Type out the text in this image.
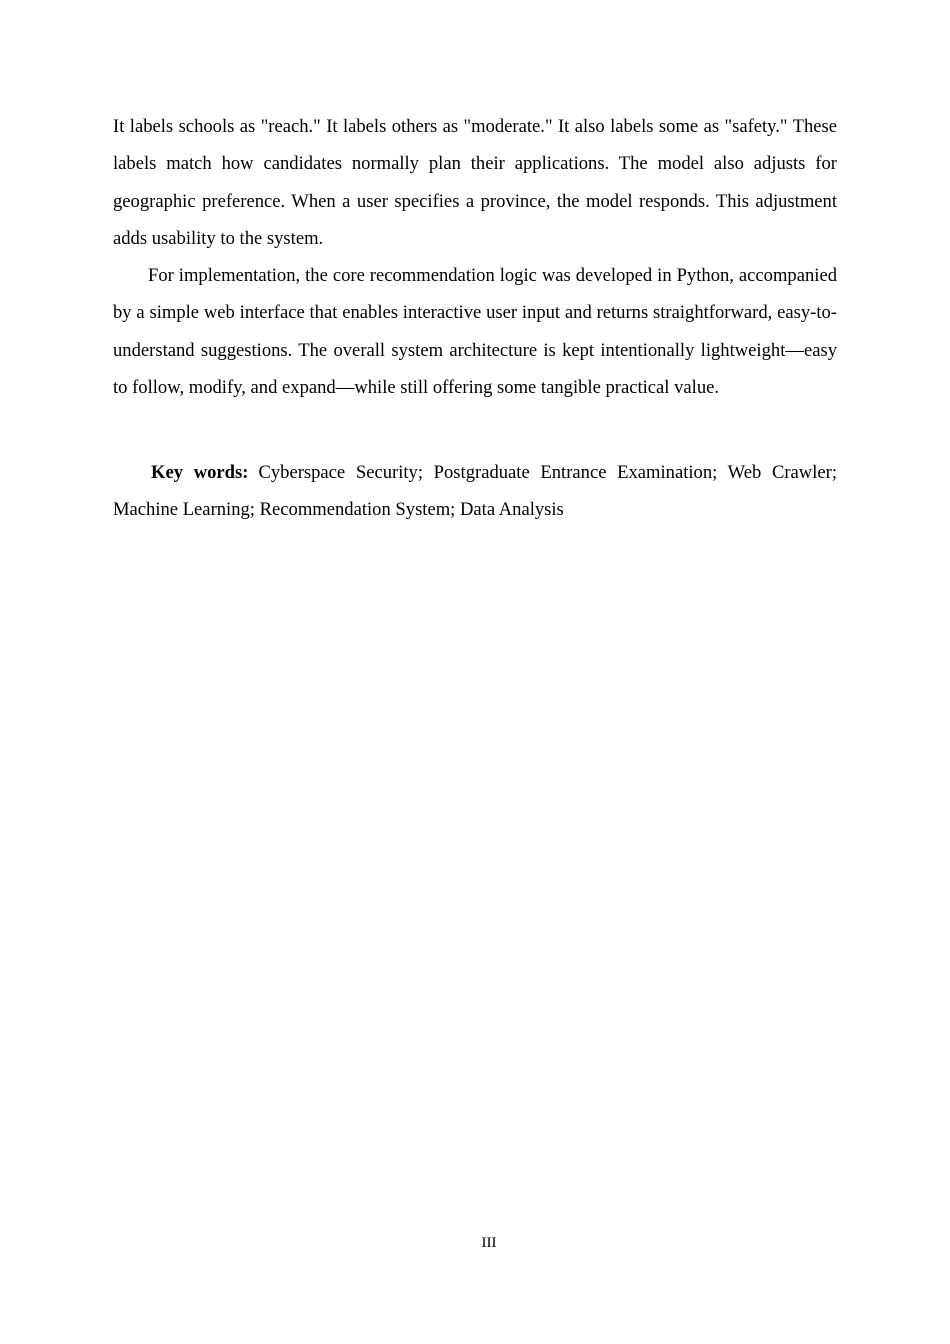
It labels schools as "reach." It labels others as "moderate." It also labels some as "safety." These labels match how candidates normally plan their applications. The model also adjusts for geographic preference. When a user specifies a province, the model responds. This adjustment adds usability to the system.

For implementation, the core recommendation logic was developed in Python, accompanied by a simple web interface that enables interactive user input and returns straightforward, easy-to-understand suggestions. The overall system architecture is kept intentionally lightweight—easy to follow, modify, and expand—while still offering some tangible practical value.

Key words: Cyberspace Security; Postgraduate Entrance Examination; Web Crawler; Machine Learning; Recommendation System; Data Analysis

III
